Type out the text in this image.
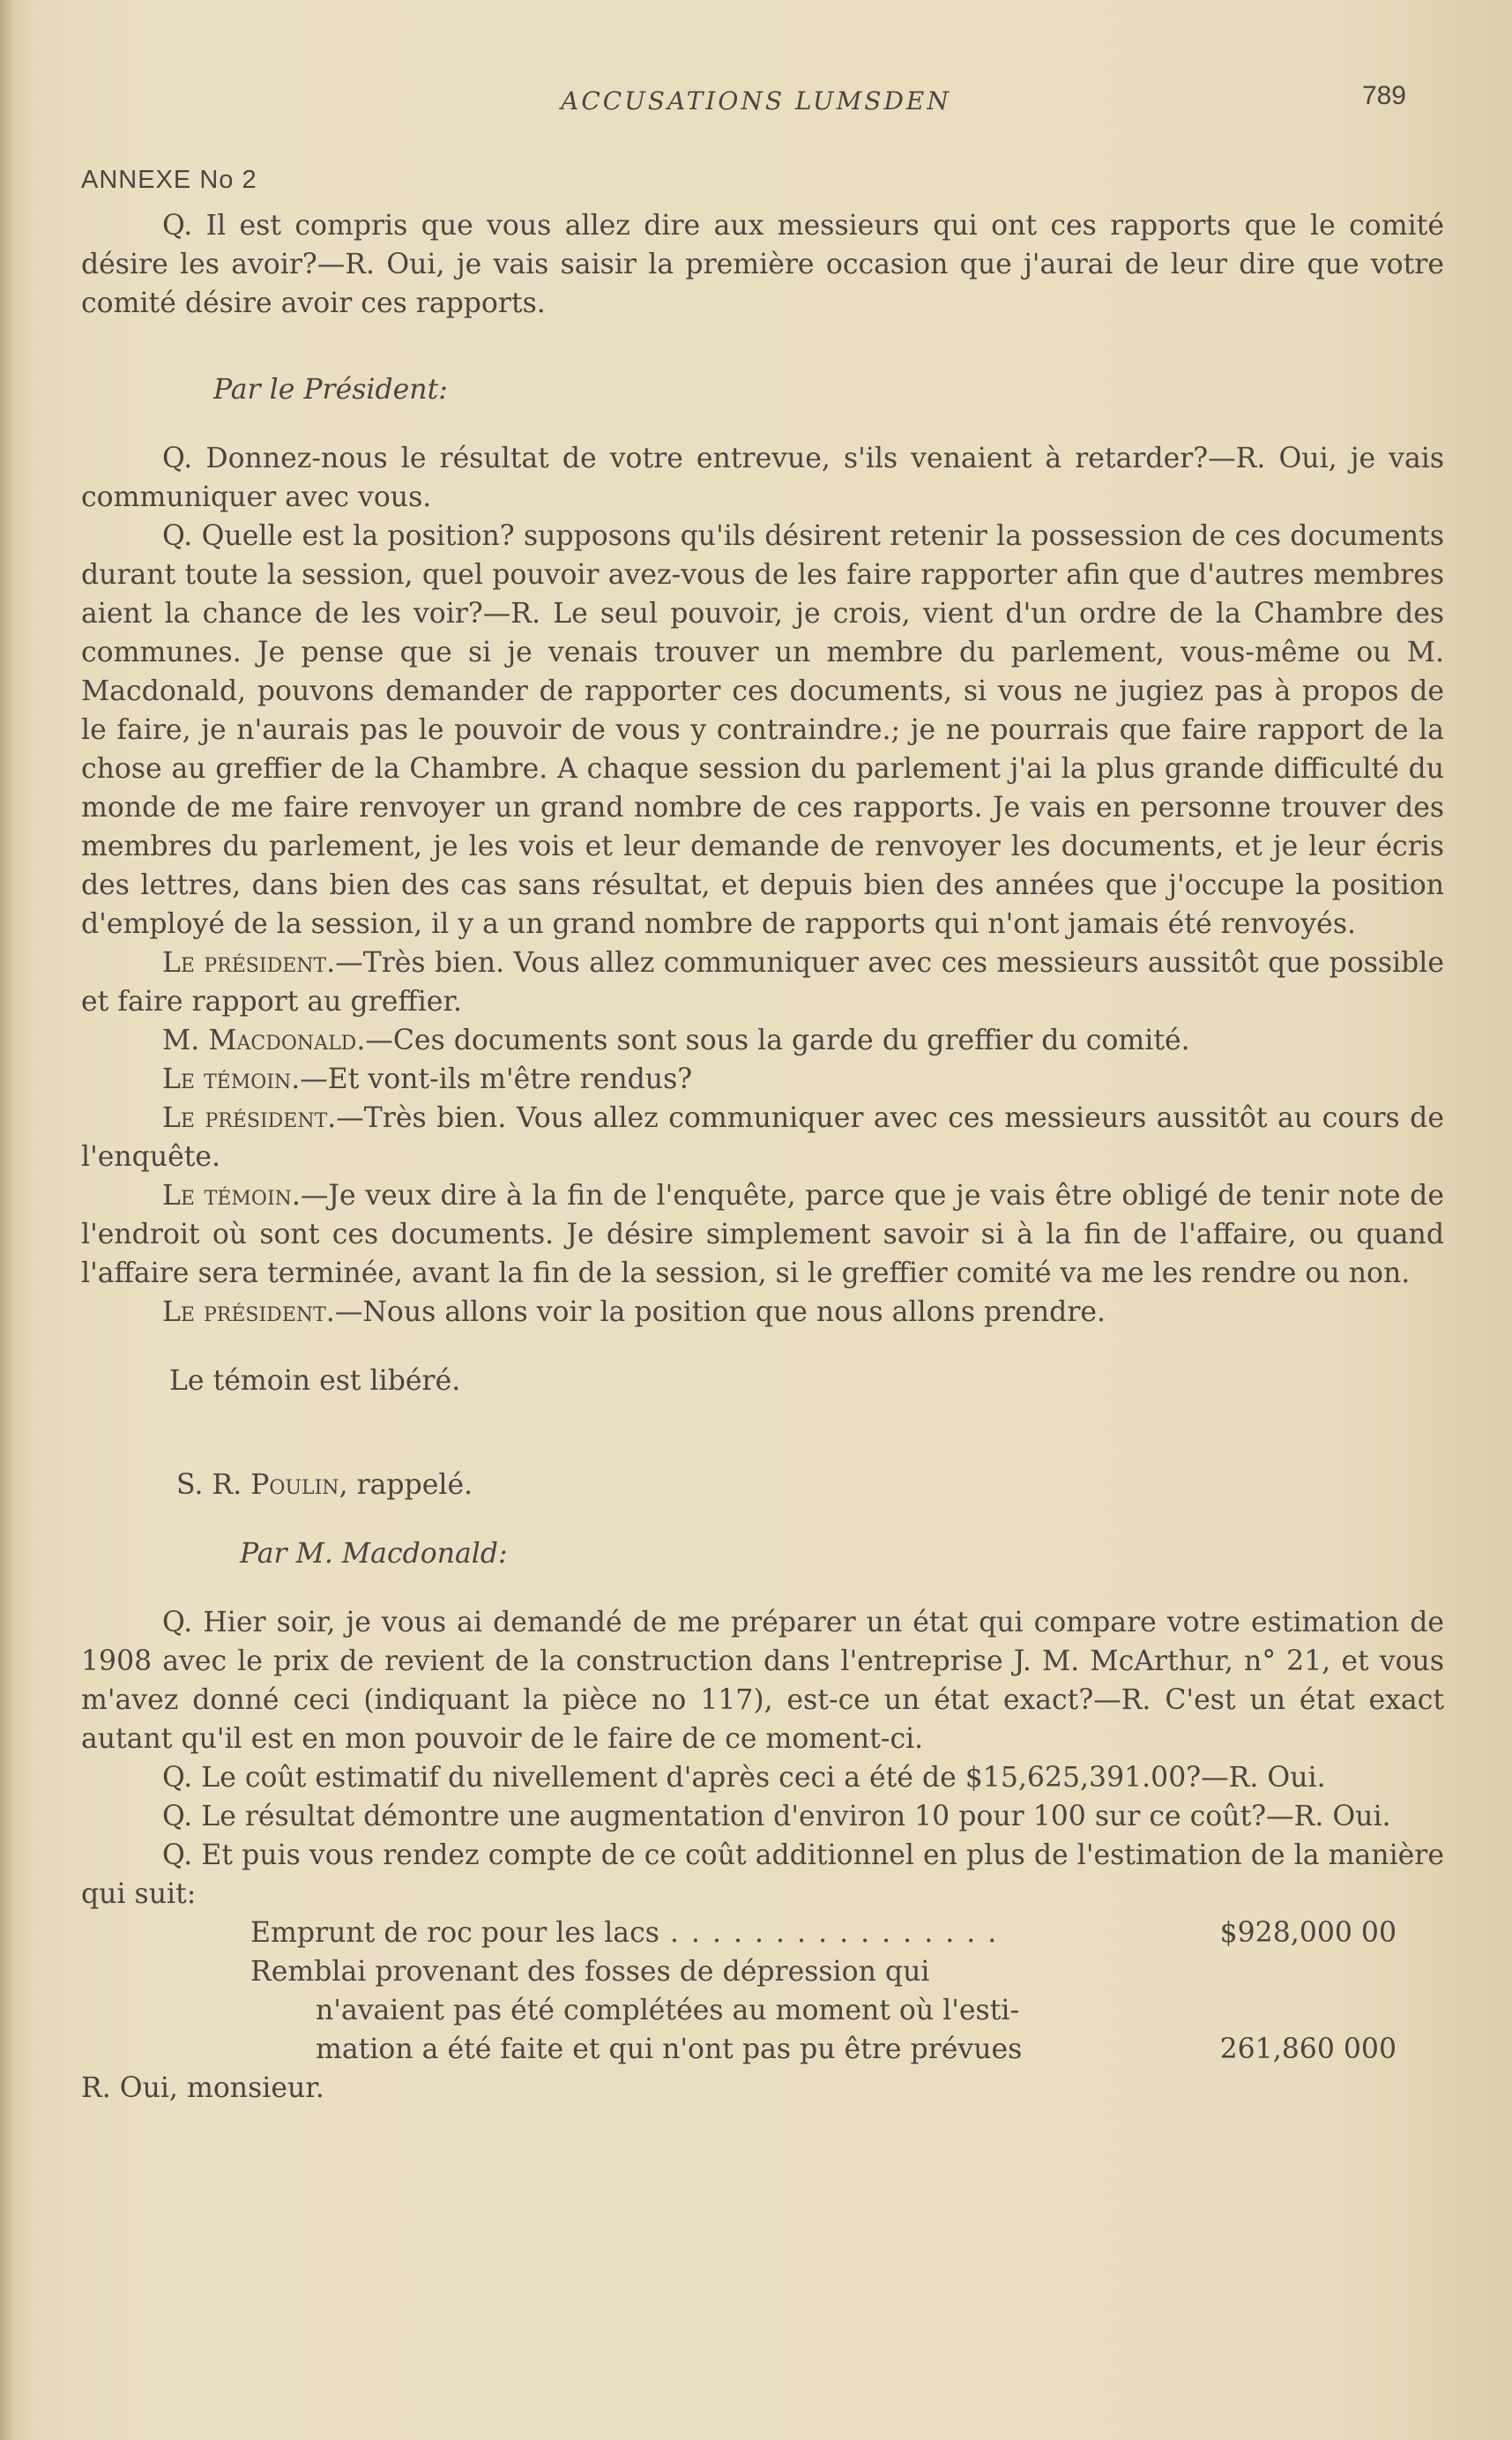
ACCUSATIONS LUMSDEN	789
ANNEXE No 2

Q. Il est compris que vous allez dire aux messieurs qui ont ces rapports que le comité désire les avoir?—R. Oui, je vais saisir la première occasion que j'aurai de leur dire que votre comité désire avoir ces rapports.

Par le Président:

Q. Donnez-nous le résultat de votre entrevue, s'ils venaient à retarder?—R. Oui, je vais communiquer avec vous.

Q. Quelle est la position? supposons qu'ils désirent retenir la possession de ces documents durant toute la session, quel pouvoir avez-vous de les faire rapporter afin que d'autres membres aient la chance de les voir?—R. Le seul pouvoir, je crois, vient d'un ordre de la Chambre des communes. Je pense que si je venais trouver un membre du parlement, vous-même ou M. Macdonald, pouvons demander de rapporter ces documents, si vous ne jugiez pas à propos de le faire, je n'aurais pas le pouvoir de vous y contraindre.; je ne pourrais que faire rapport de la chose au greffier de la Chambre. A chaque session du parlement j'ai la plus grande difficulté du monde de me faire renvoyer un grand nombre de ces rapports. Je vais en personne trouver des membres du parlement, je les vois et leur demande de renvoyer les documents, et je leur écris des lettres, dans bien des cas sans résultat, et depuis bien des années que j'occupe la position d'employé de la session, il y a un grand nombre de rapports qui n'ont jamais été renvoyés.

Le président.—Très bien. Vous allez communiquer avec ces messieurs aussitôt que possible et faire rapport au greffier.

M. Macdonald.—Ces documents sont sous la garde du greffier du comité.

Le témoin.—Et vont-ils m'être rendus?

Le président.—Très bien. Vous allez communiquer avec ces messieurs aussitôt au cours de l'enquête.

Le témoin.—Je veux dire à la fin de l'enquête, parce que je vais être obligé de tenir note de l'endroit où sont ces documents. Je désire simplement savoir si à la fin de l'affaire, ou quand l'affaire sera terminée, avant la fin de la session, si le greffier comité va me les rendre ou non.

Le président.—Nous allons voir la position que nous allons prendre.

Le témoin est libéré.

S. R. Poulin, rappelé.

Par M. Macdonald:

Q. Hier soir, je vous ai demandé de me préparer un état qui compare votre estimation de 1908 avec le prix de revient de la construction dans l'entreprise J. M. McArthur, n° 21, et vous m'avez donné ceci (indiquant la pièce no 117), est-ce un état exact?—R. C'est un état exact autant qu'il est en mon pouvoir de le faire de ce moment-ci.

Q. Le coût estimatif du nivellement d'après ceci a été de $15,625,391.00?—R. Oui.

Q. Le résultat démontre une augmentation d'environ 10 pour 100 sur ce coût?—R. Oui.

Q. Et puis vous rendez compte de ce coût additionnel en plus de l'estimation de la manière qui suit:

Emprunt de roc pour les lacs . . .	$928,000 00
Remblai provenant des fosses de dépression qui
n'avaient pas été complétées au moment où l'esti-
mation a été faite et qui n'ont pas pu être prévues	261,860 000

R. Oui, monsieur.
